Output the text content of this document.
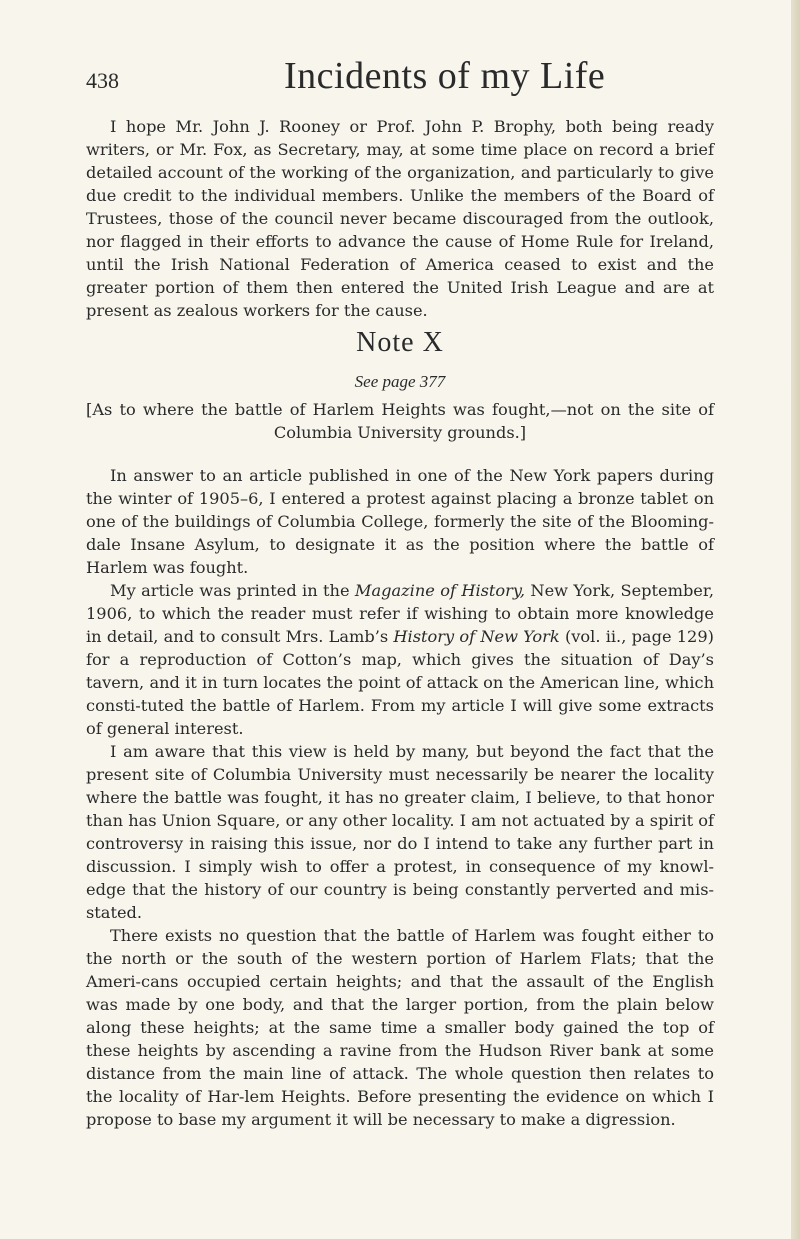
438	Incidents of my Life

I hope Mr. John J. Rooney or Prof. John P. Brophy, both being ready writers, or Mr. Fox, as Secretary, may, at some time place on record a brief detailed account of the working of the organization, and particularly to give due credit to the individual members. Unlike the members of the Board of Trustees, those of the council never became discouraged from the outlook, nor flagged in their efforts to advance the cause of Home Rule for Ireland, until the Irish National Federation of America ceased to exist and the greater portion of them then entered the United Irish League and are at present as zealous workers for the cause.

Note X
See page 377

[As to where the battle of Harlem Heights was fought,—not on the site of Columbia University grounds.]

In answer to an article published in one of the New York papers during the winter of 1905–6, I entered a protest against placing a bronze tablet on one of the buildings of Columbia College, formerly the site of the Blooming-dale Insane Asylum, to designate it as the position where the battle of Harlem was fought.

My article was printed in the Magazine of History, New York, September, 1906, to which the reader must refer if wishing to obtain more knowledge in detail, and to consult Mrs. Lamb’s History of New York (vol. ii., page 129) for a reproduction of Cotton’s map, which gives the situation of Day’s tavern, and it in turn locates the point of attack on the American line, which consti-tuted the battle of Harlem. From my article I will give some extracts of general interest.

I am aware that this view is held by many, but beyond the fact that the present site of Columbia University must necessarily be nearer the locality where the battle was fought, it has no greater claim, I believe, to that honor than has Union Square, or any other locality. I am not actuated by a spirit of controversy in raising this issue, nor do I intend to take any further part in discussion. I simply wish to offer a protest, in consequence of my knowl-edge that the history of our country is being constantly perverted and mis-stated.

There exists no question that the battle of Harlem was fought either to the north or the south of the western portion of Harlem Flats; that the Ameri-cans occupied certain heights; and that the assault of the English was made by one body, and that the larger portion, from the plain below along these heights; at the same time a smaller body gained the top of these heights by ascending a ravine from the Hudson River bank at some distance from the main line of attack. The whole question then relates to the locality of Har-lem Heights. Before presenting the evidence on which I propose to base my argument it will be necessary to make a digression.
